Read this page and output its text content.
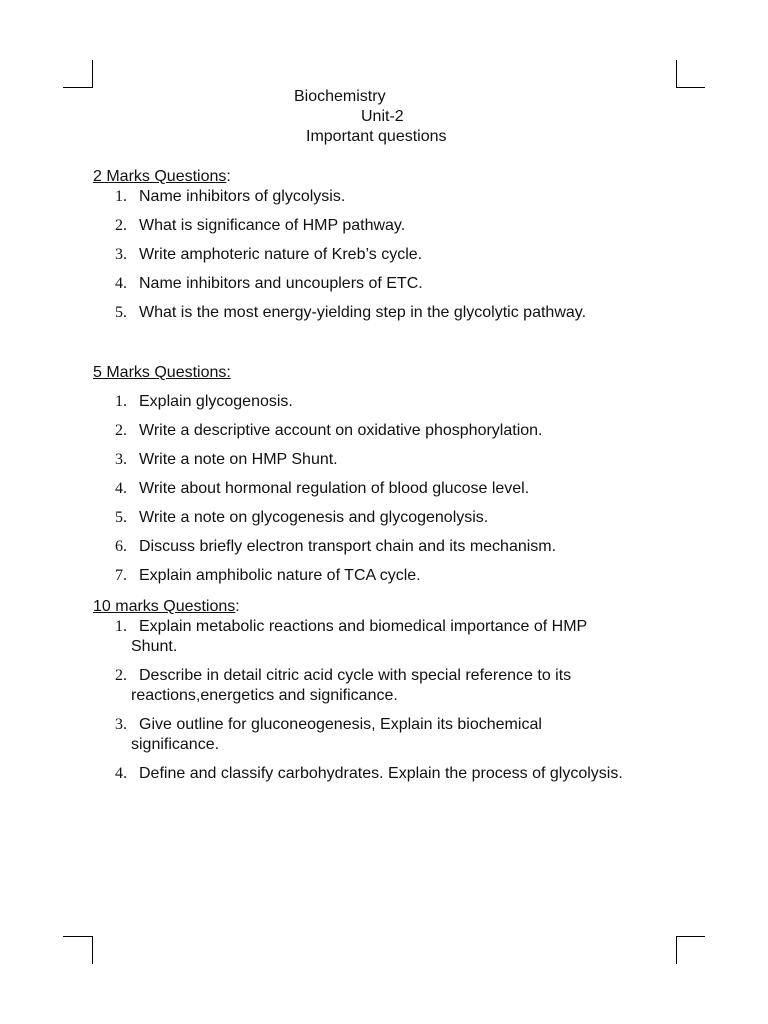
Biochemistry
Unit-2
Important questions
2 Marks Questions:
1. Name inhibitors of glycolysis.
2. What is significance of HMP pathway.
3. Write amphoteric nature of Kreb’s cycle.
4. Name inhibitors and uncouplers of ETC.
5. What is the most energy-yielding step in the glycolytic pathway.
5 Marks Questions:
1. Explain glycogenosis.
2. Write a descriptive account on oxidative phosphorylation.
3. Write a note on HMP Shunt.
4. Write about hormonal regulation of blood glucose level.
5. Write a note on glycogenesis and glycogenolysis.
6. Discuss briefly electron transport chain and its mechanism.
7. Explain amphibolic nature of TCA cycle.
10 marks Questions:
1. Explain metabolic reactions and biomedical importance of HMP
Shunt.
2. Describe in detail citric acid cycle with special reference to its
reactions,energetics and significance.
3. Give outline for gluconeogenesis, Explain its biochemical
significance.
4. Define and classify carbohydrates. Explain the process of glycolysis.
